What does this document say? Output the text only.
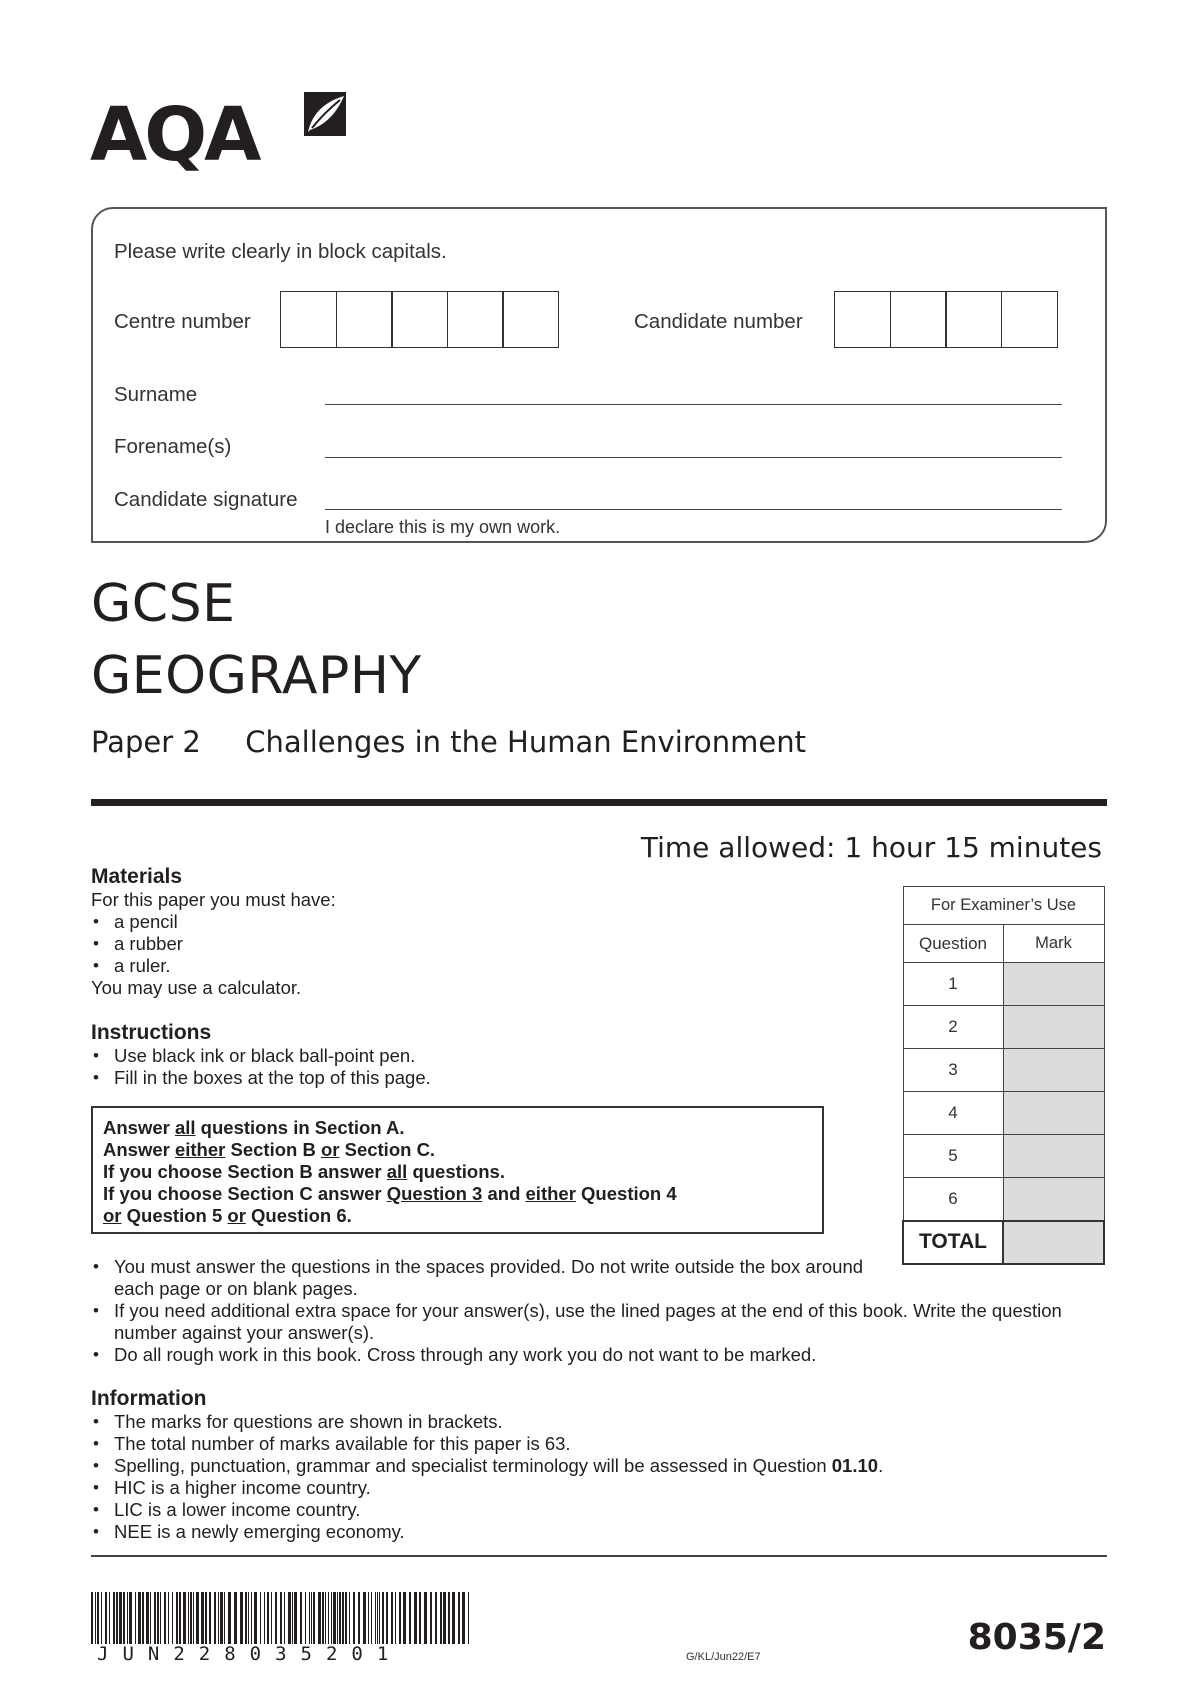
AQA
Please write clearly in block capitals.
Centre number	Candidate number
Surname
Forename(s)
Candidate signature
I declare this is my own work.
GCSE
GEOGRAPHY
Paper 2 Challenges in the Human Environment
Time allowed: 1 hour 15 minutes
Materials
For this paper you must have:
• a pencil
• a rubber
• a ruler.
You may use a calculator.
Instructions
• Use black ink or black ball-point pen.
• Fill in the boxes at the top of this page.

Answer all questions in Section A.

Answer either Section B or Section C.

If you choose Section B answer all questions.

If you choose Section C answer Question 3 and either Question 4

or Question 5 or Question 6.

• You must answer the questions in the spaces provided. Do not write outside the box around each page or on blank pages.
• If you need additional extra space for your answer(s), use the lined pages at the end of this book. Write the question number against your answer(s).
• Do all rough work in this book. Cross through any work you do not want to be marked.
Information
• The marks for questions are shown in brackets.
• The total number of marks available for this paper is 63.
• Spelling, punctuation, grammar and specialist terminology will be assessed in Question 01.10.
• HIC is a higher income country.
• LIC is a lower income country.
• NEE is a newly emerging economy.
For Examiner’s Use	
Question	Mark
1	
2	
3	
4	
5	
6	
TOTAL	
JUN228035201	G/KL/Jun22/E7	8035/2
